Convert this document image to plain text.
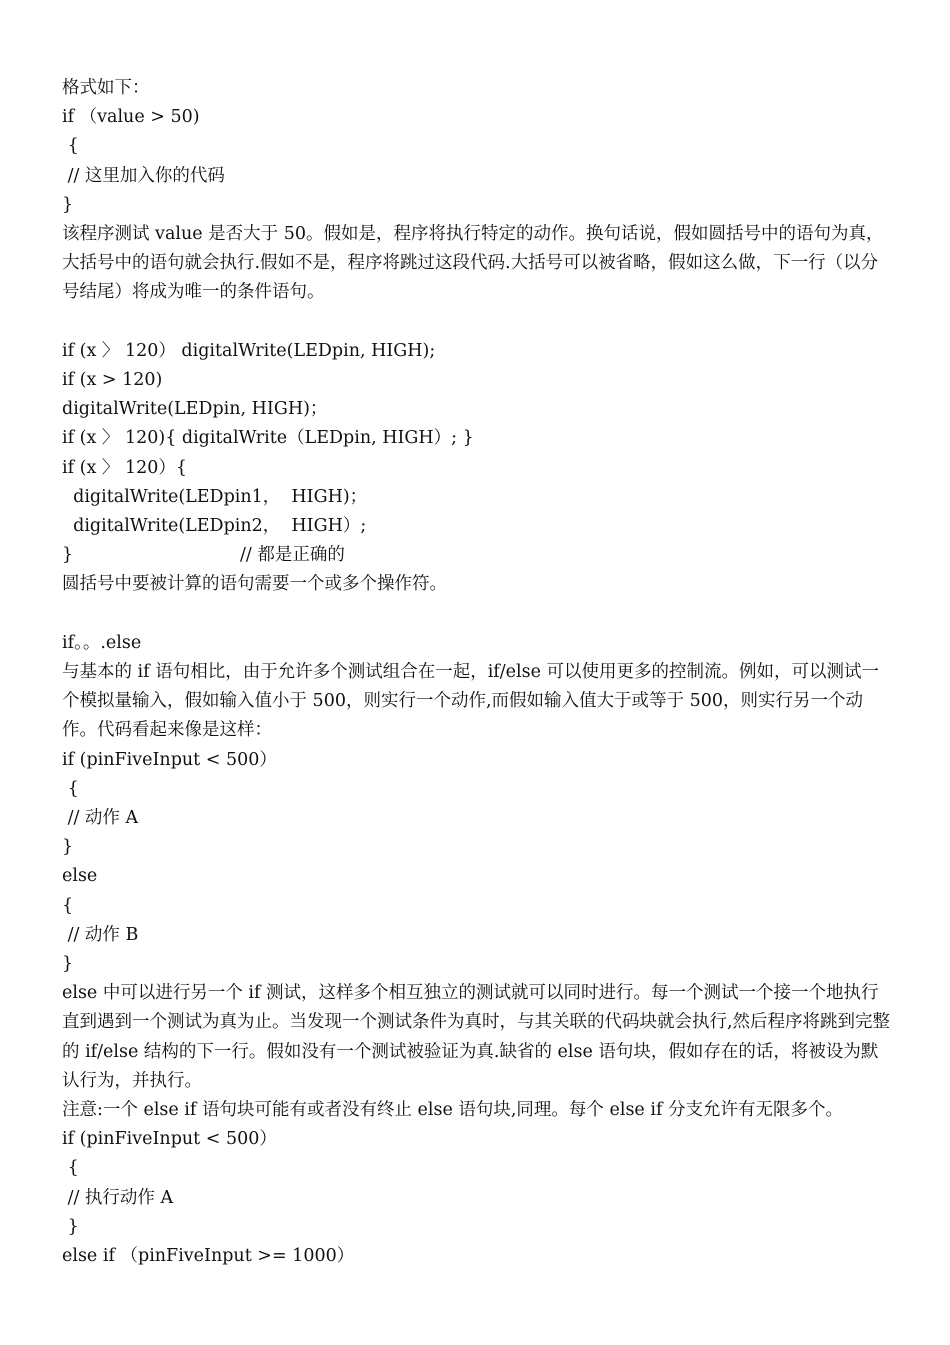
格式如下：
if （value > 50)
{
// 这里加入你的代码
}
该程序测试 value 是否大于 50。假如是，程序将执行特定的动作。换句话说，假如圆括号中的语句为真，大括号中的语句就会执行.假如不是，程序将跳过这段代码.大括号可以被省略，假如这么做，下一行（以分号结尾）将成为唯一的条件语句。
if (x 〉 120） digitalWrite(LEDpin, HIGH);
if (x > 120)
digitalWrite(LEDpin, HIGH)；
if (x 〉 120){ digitalWrite（LEDpin, HIGH）; }
if (x 〉 120）{
digitalWrite(LEDpin1，  HIGH)；
digitalWrite(LEDpin2，  HIGH）;
}                              // 都是正确的
圆括号中要被计算的语句需要一个或多个操作符。
if。。.else
与基本的 if 语句相比，由于允许多个测试组合在一起，if/else 可以使用更多的控制流。例如，可以测试一个模拟量输入，假如输入值小于 500，则实行一个动作,而假如输入值大于或等于 500，则实行另一个动作。代码看起来像是这样：
if (pinFiveInput < 500）
{
// 动作 A
}
else
{
// 动作 B
}
else 中可以进行另一个 if 测试，这样多个相互独立的测试就可以同时进行。每一个测试一个接一个地执行直到遇到一个测试为真为止。当发现一个测试条件为真时，与其关联的代码块就会执行,然后程序将跳到完整的 if/else 结构的下一行。假如没有一个测试被验证为真.缺省的 else 语句块，假如存在的话，将被设为默认行为，并执行。
注意:一个 else if 语句块可能有或者没有终止 else 语句块,同理。每个 else if 分支允许有无限多个。
if (pinFiveInput < 500）
{
// 执行动作 A
}
else if （pinFiveInput >= 1000）
